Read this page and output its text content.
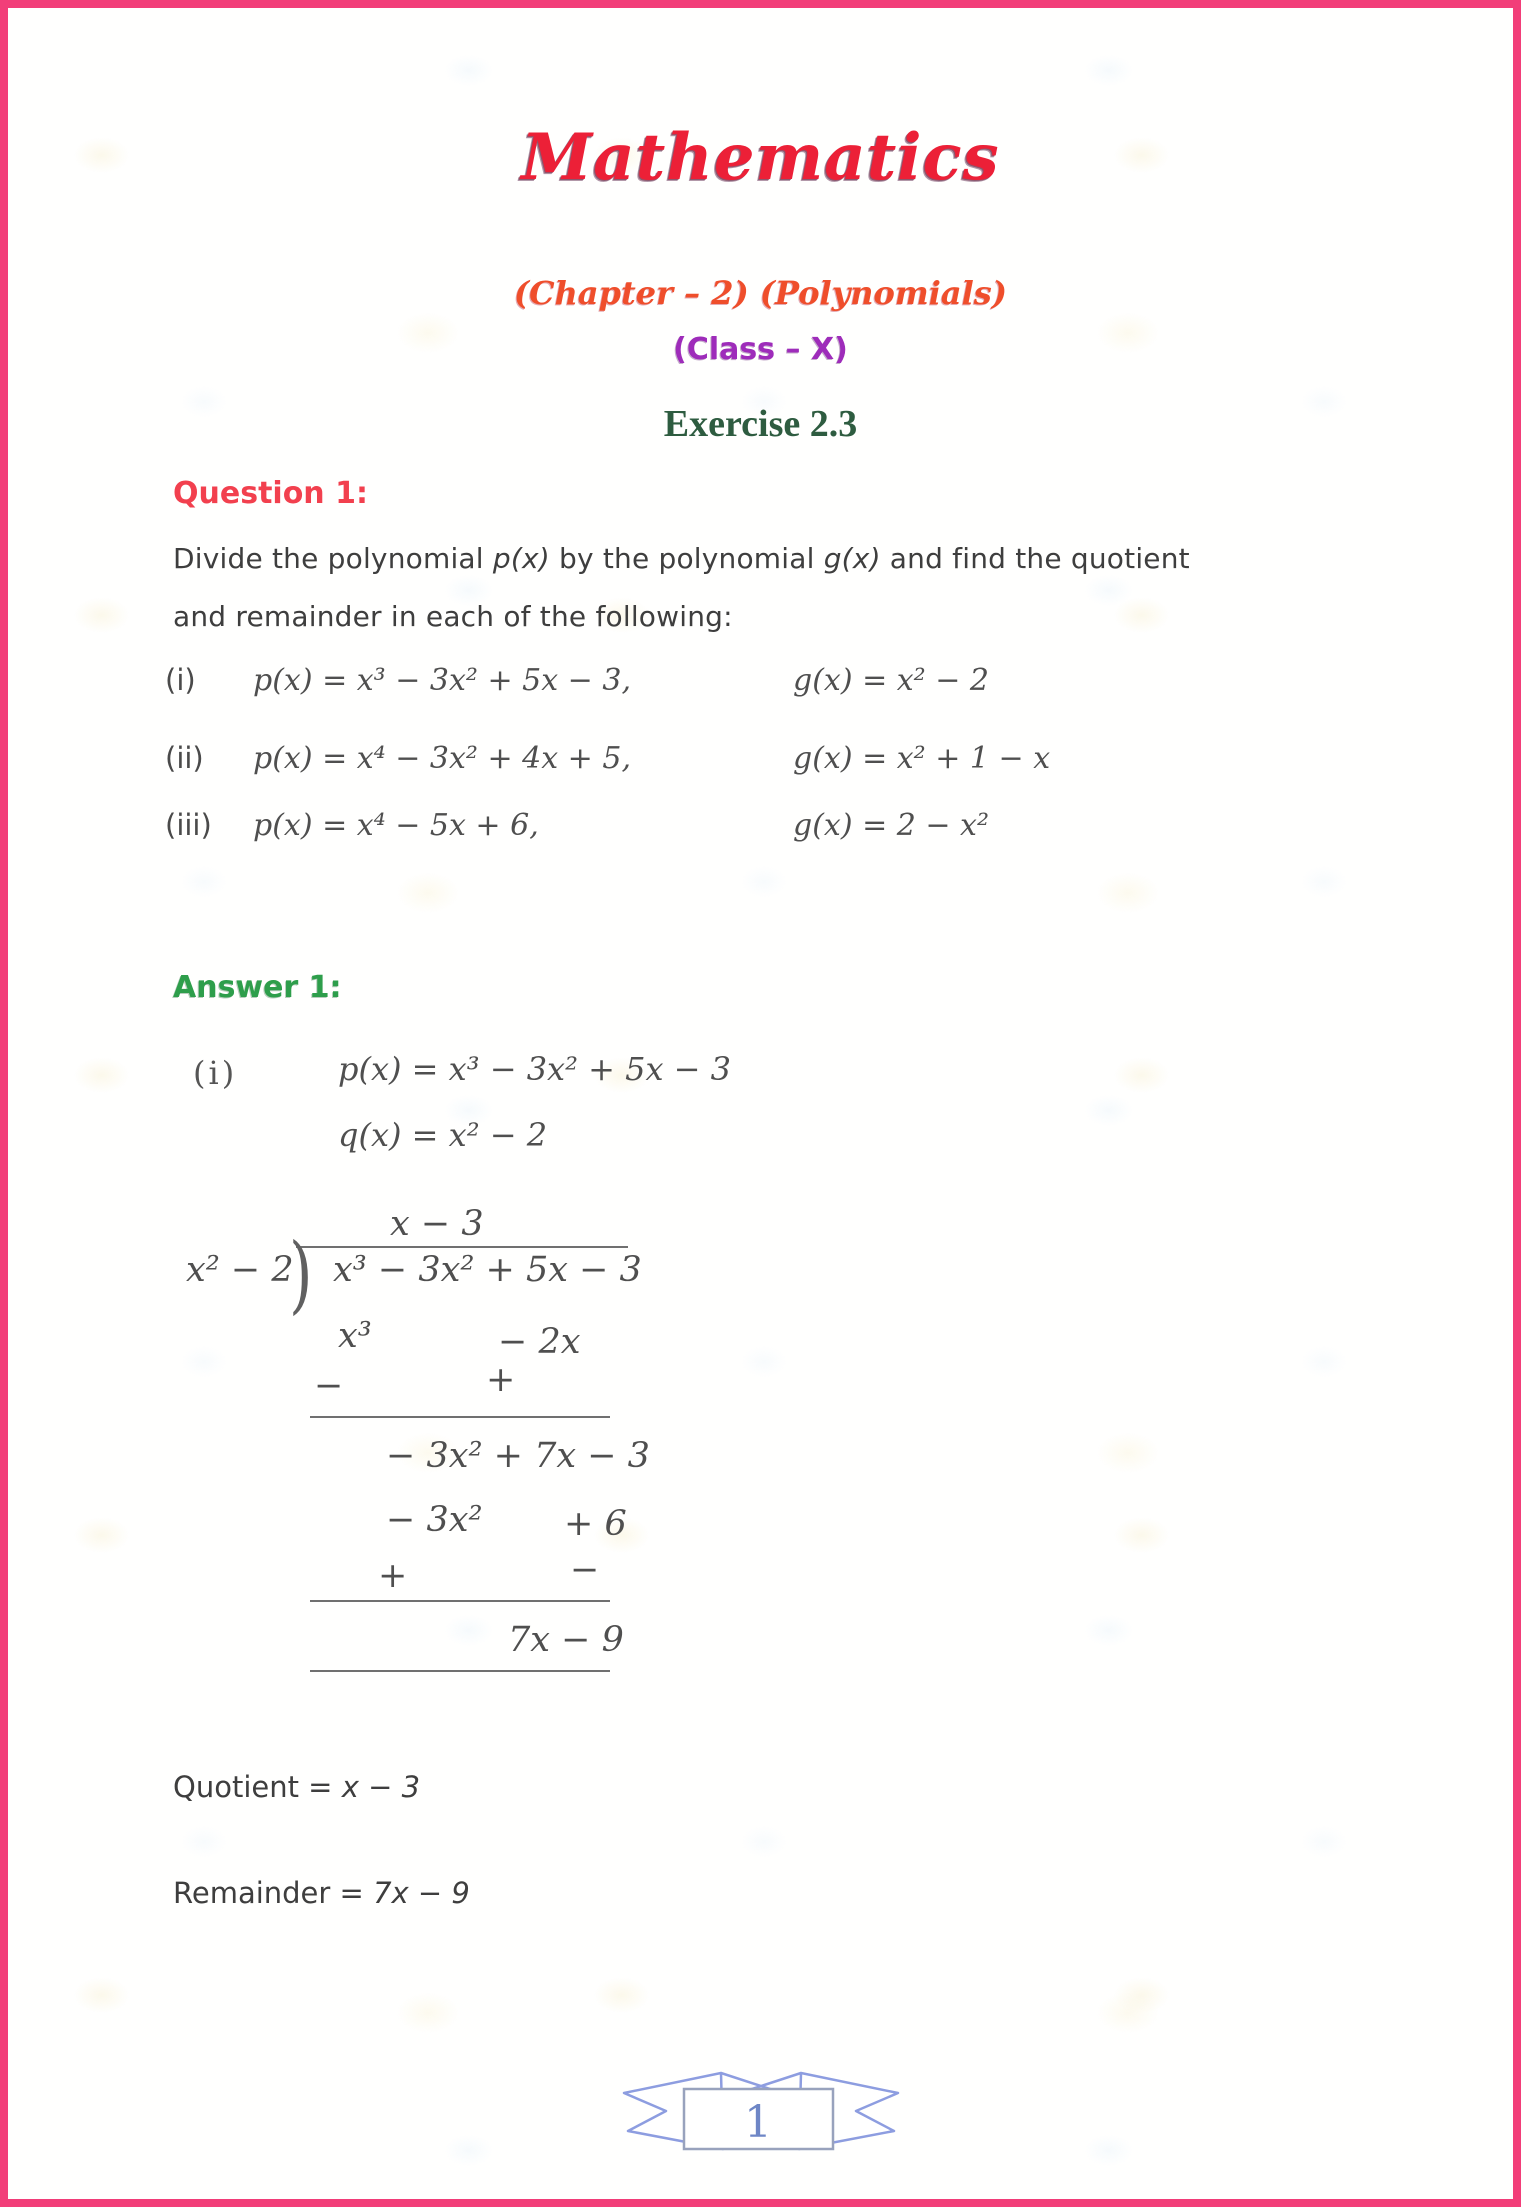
Mathematics
(Chapter – 2) (Polynomials)
(Class – X)
Exercise 2.3
Question 1:
Divide the polynomial p(x) by the polynomial g(x) and find the quotient
and remainder in each of the following:
(i)	p(x) = x³ − 3x² + 5x − 3,	g(x) = x² − 2
(ii)	p(x) = x⁴ − 3x² + 4x + 5,	g(x) = x² + 1 − x
(iii)	p(x) = x⁴ − 5x + 6,	g(x) = 2 − x²
Answer 1:
(i)	p(x) = x³ − 3x² + 5x − 3
q(x) = x² − 2
x − 3
x² − 2
) x³ − 3x² + 5x − 3
x³	− 2x
−	+
− 3x² + 7x − 3
− 3x² + 6
+	−
7x − 9
Quotient = x − 3
Remainder = 7x − 9
1
